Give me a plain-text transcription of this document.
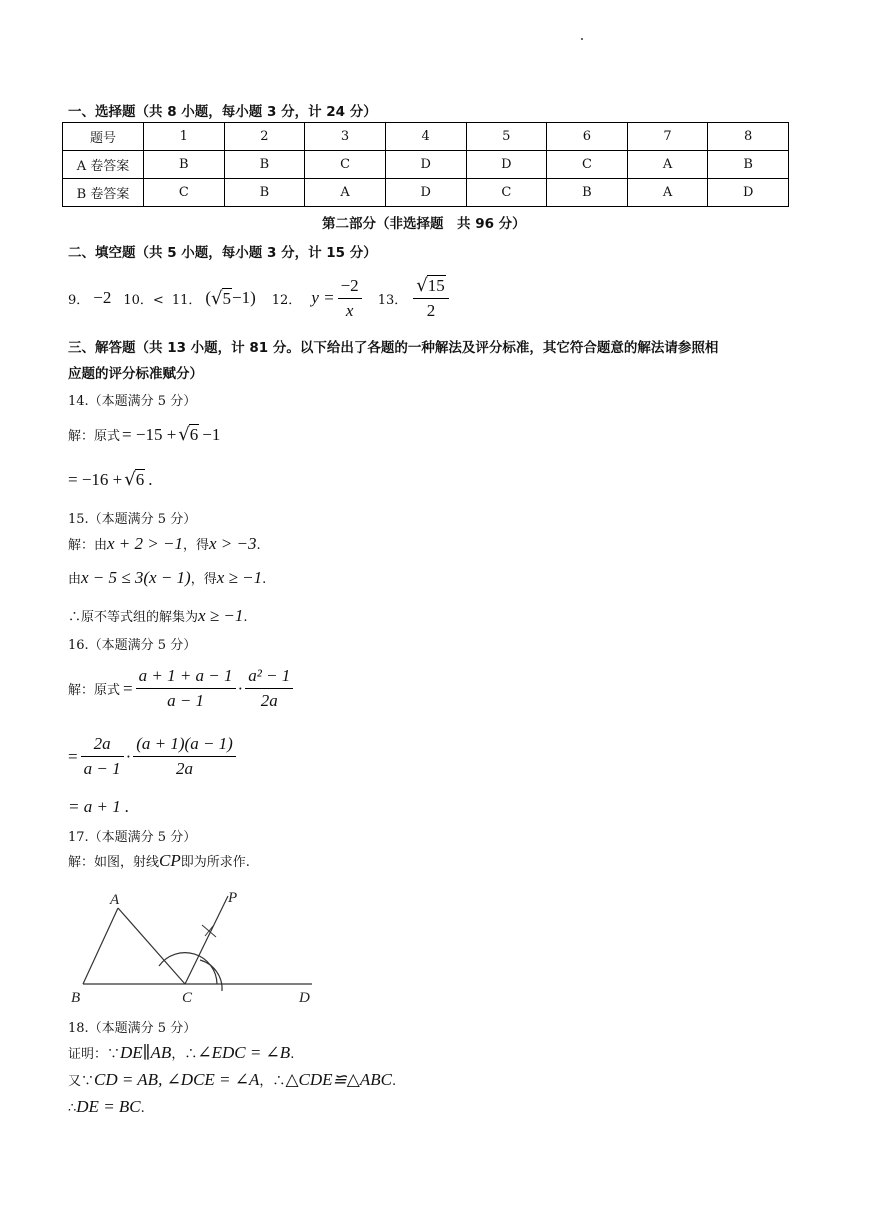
一、选择题（共 8 小题，每小题 3 分，计 24 分）
题号	1	2	3	4	5	6	7	8
A 卷答案	B	B	C	D	D	C	A	B
B 卷答案	C	B	A	D	C	B	A	D
第二部分（非选择题　共 96 分）
二、填空题（共 5 小题，每小题 3 分，计 15 分）
9． −2 10．< 11． ( √ 5 −1) 12． $y = \frac{-2}{x} 13$． $\frac{√15}{2}$
三、解答题（共 13 小题，计 81 分。以下给出了各题的一种解法及评分标准，其它符合题意的解法请参照相
应题的评分标准赋分）
14.（本题满分 5 分）
解：原式 = −15 + √ 6 −1
= −16 + √ 6 .
15.（本题满分 5 分）
解：由x + 2 > −1，得x > −3.
由x − 5 ≤ 3(x − 1)，得x ≥ −1.
∴原不等式组的解集为x ≥ −1.
16.（本题满分 5 分）
解：原式 = $\frac{a + 1 + a - 1}{a - 1} \cdot \frac{\text{a² − 1}}{2a}$
= $\frac{2a}{a - 1} \cdot \frac{(a + 1)(a - 1)}{2a}$
= a + 1 .
17.（本题满分 5 分）
解：如图，射线CP即为所求作.
A
B	C	D
P
18.（本题满分 5 分）
证明：∵DE∥AB，∴∠EDC = ∠B.
又∵CD = AB, ∠DCE = ∠A，∴△CDE≌△ABC.
∴DE = BC.
